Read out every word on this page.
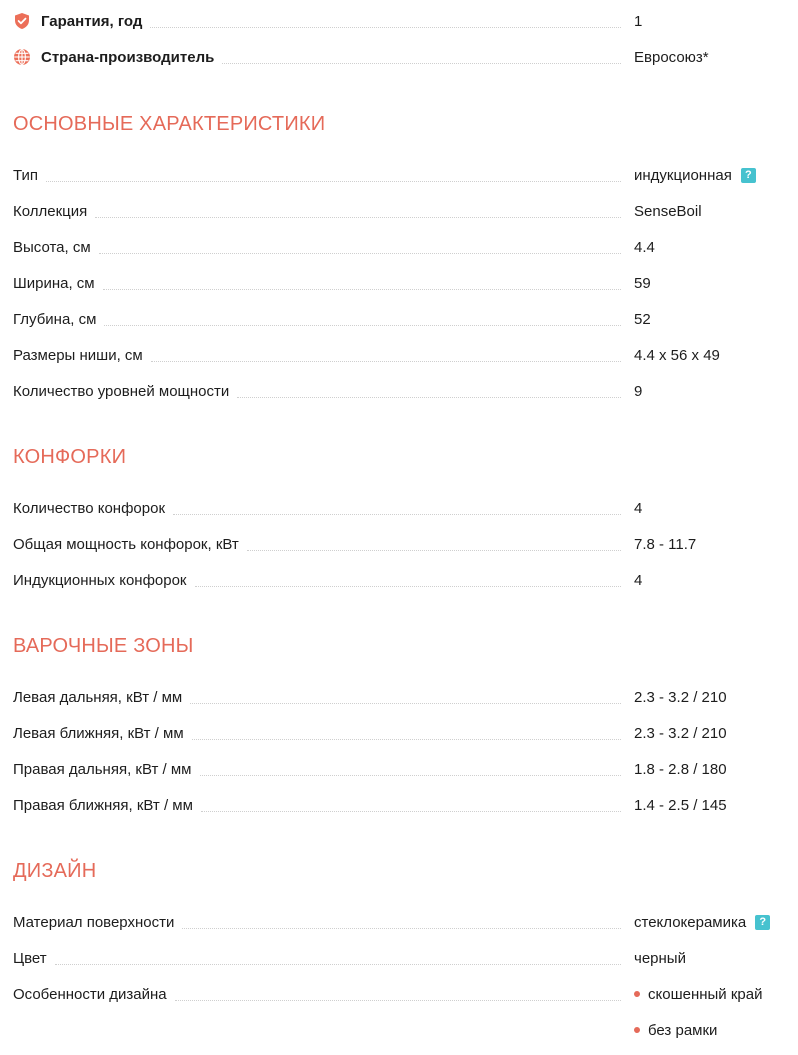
Гарантия, год	1
Страна-производитель	Евросоюз*
ОСНОВНЫЕ ХАРАКТЕРИСТИКИ
Тип	индукционная	?
Коллекция	SenseBoil
Высота, см	4.4
Ширина, см	59
Глубина, см	52
Размеры ниши, см	4.4 x 56 x 49
Количество уровней мощности	9
КОНФОРКИ
Количество конфорок	4
Общая мощность конфорок, кВт	7.8 - 11.7
Индукционных конфорок	4
ВАРОЧНЫЕ ЗОНЫ
Левая дальняя, кВт / мм	2.3 - 3.2 / 210
Левая ближняя, кВт / мм	2.3 - 3.2 / 210
Правая дальняя, кВт / мм	1.8 - 2.8 / 180
Правая ближняя, кВт / мм	1.4 - 2.5 / 145
ДИЗАЙН
Материал поверхности	стеклокерамика	?
Цвет	черный
Особенности дизайна	скошенный край
без рамки
